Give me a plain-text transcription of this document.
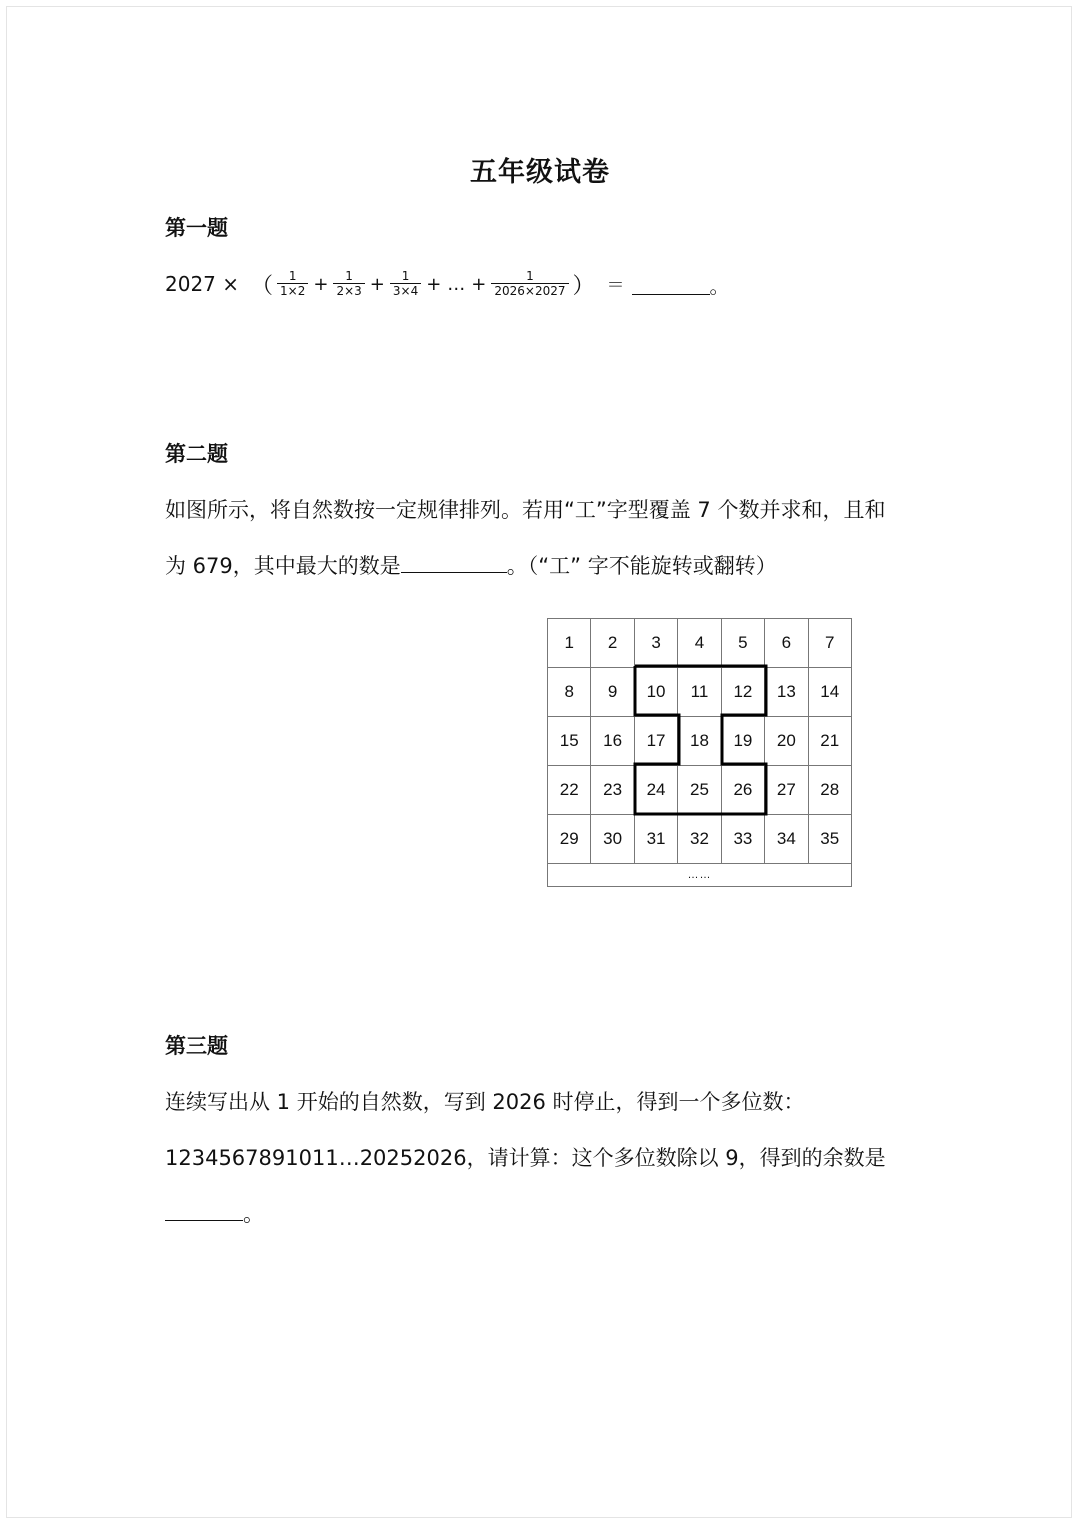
五年级试卷
第一题
2027 × （ $\frac{1}{1\times 2} + \frac{1}{2\times 3} + \frac{1}{3\times 4}$ + … + $\frac{1}{2026\times 2027}$ ） ＝	。
第二题
如图所示，将自然数按一定规律排列。若用“工”字型覆盖 7 个数并求和，且和
为 679，其中最大的数是	。（“工” 字不能旋转或翻转）
1	2	3	4	5	6	7
8	9	10	11	12	13	14
15	16	17	18	19	20	21
22	23	24	25	26	27	28
29	30	31	32	33	34	35
……						
第三题
连续写出从 1 开始的自然数，写到 2026 时停止，得到一个多位数：
1234567891011…20252026，请计算：这个多位数除以 9，得到的余数是
。
